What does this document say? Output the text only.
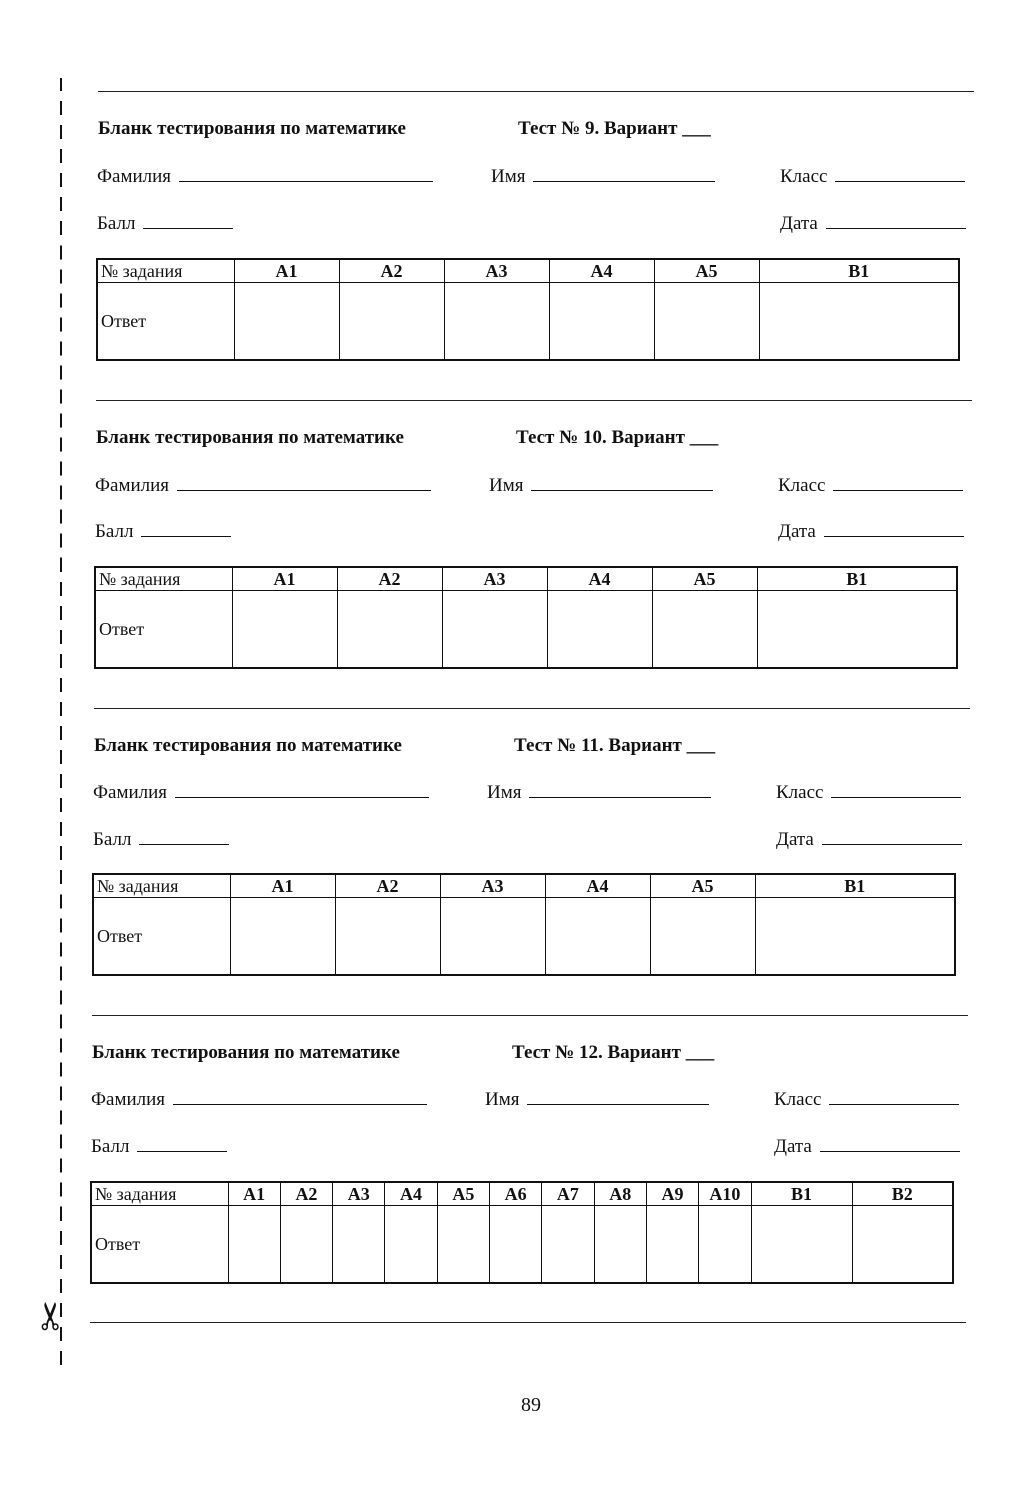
✂
Бланк тестирования по математике	Тест № 9. Вариант ___
Фамилия	Имя	Класс
Балл	Дата
№ задания	A1	A2	A3	A4	A5	B1
Ответ						
Бланк тестирования по математике	Тест № 10. Вариант ___
Фамилия	Имя	Класс
Балл	Дата
№ задания	A1	A2	A3	A4	A5	B1
Ответ						
Бланк тестирования по математике	Тест № 11. Вариант ___
Фамилия	Имя	Класс
Балл	Дата
№ задания	A1	A2	A3	A4	A5	B1
Ответ						
Бланк тестирования по математике	Тест № 12. Вариант ___
Фамилия	Имя	Класс
Балл	Дата
№ задания	A1	A2	A3	A4	A5	A6	A7	A8	A9	A10	B1	B2
Ответ												
89
